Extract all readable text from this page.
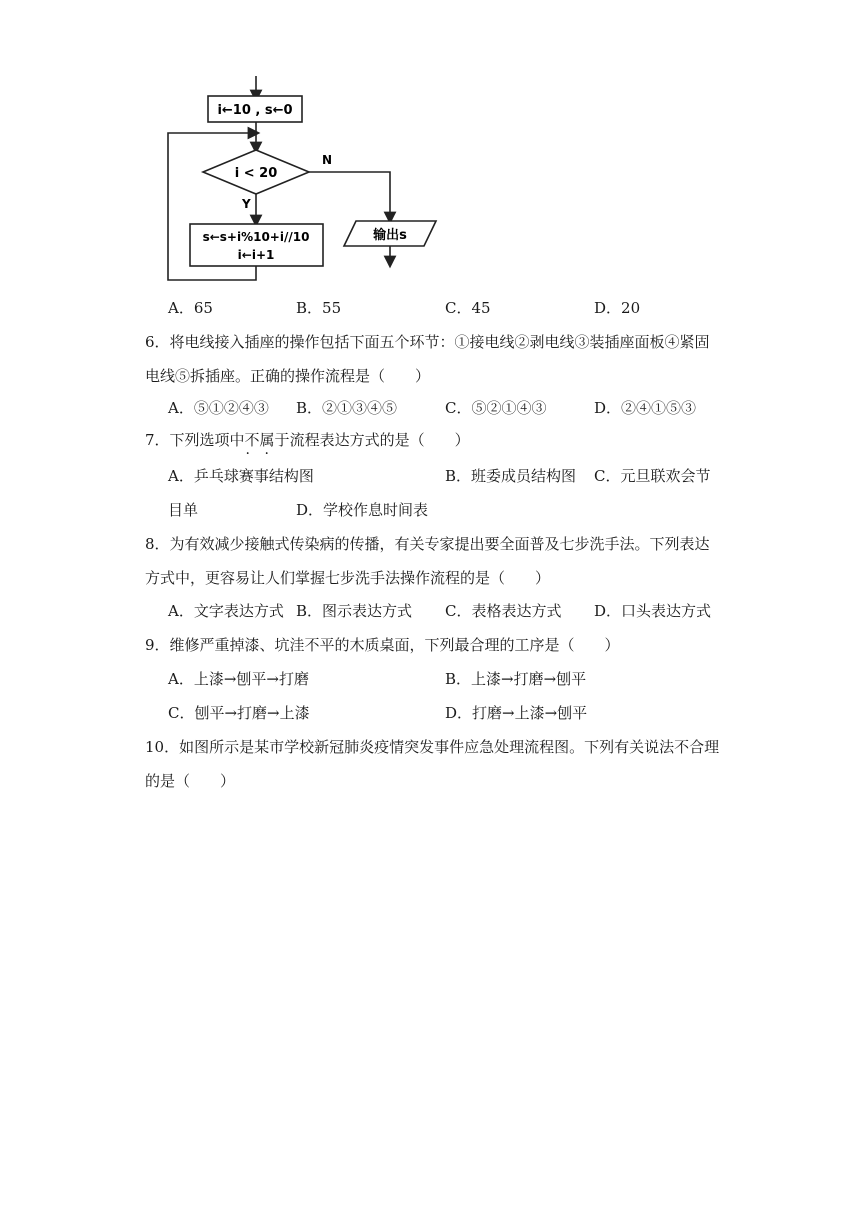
i←10 , s←0
i < 20
N
输出s
Y
s←s+i%10+i//10
i←i+1
A．65	B．55	C．45	D．20
6．将电线接入插座的操作包括下面五个环节：①接电线②剥电线③装插座面板④紧固
电线⑤拆插座。正确的操作流程是（　　）
A．⑤①②④③ B．②①③④⑤	C．⑤②①④③	D．②④①⑤③
7．下列选项中不属于 · ·流程表达方式的是（　　）
A．乒乓球赛事结构图	B．班委成员结构图 C．元旦联欢会节
目单	D．学校作息时间表
8．为有效减少接触式传染病的传播，有关专家提出要全面普及七步洗手法。下列表达
方式中，更容易让人们掌握七步洗手法操作流程的是（　　）
A．文字表达方式 B．图示表达方式 C．表格表达方式 D．口头表达方式
9．维修严重掉漆、坑洼不平的木质桌面，下列最合理的工序是（　　）
A．上漆→刨平→打磨	B．上漆→打磨→刨平
C．刨平→打磨→上漆	D．打磨→上漆→刨平
10．如图所示是某市学校新冠肺炎疫情突发事件应急处理流程图。下列有关说法不合理
的是（　　）
